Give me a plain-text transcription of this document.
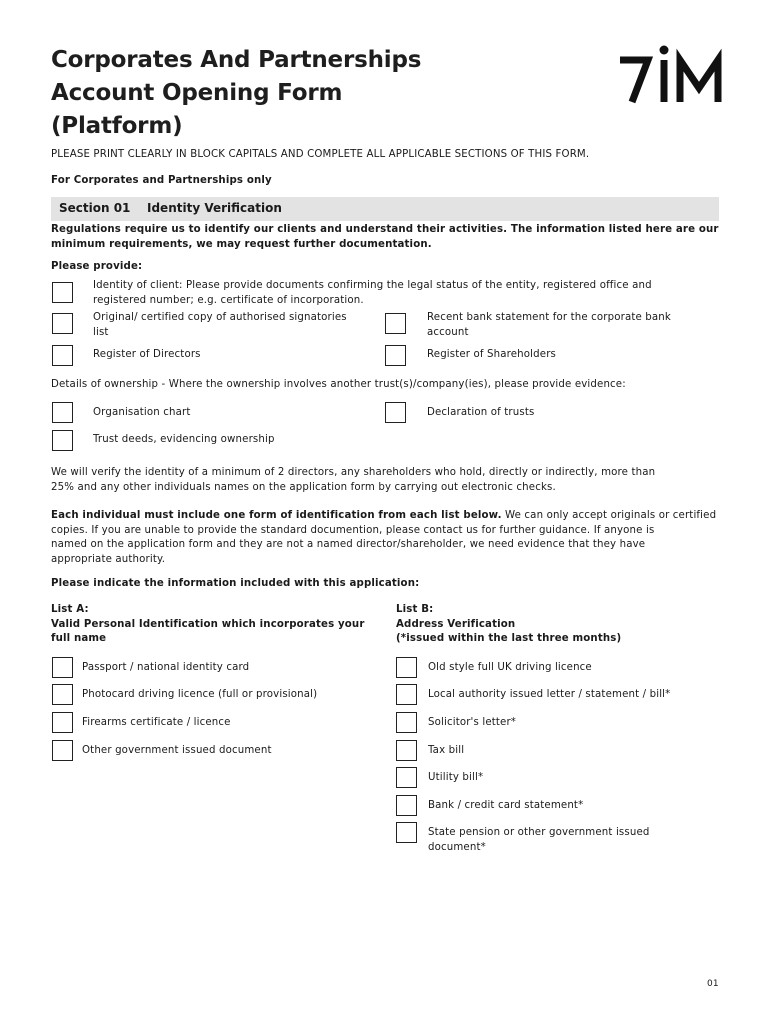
Corporates And Partnerships
Account Opening Form
(Platform)
PLEASE PRINT CLEARLY IN BLOCK CAPITALS AND COMPLETE ALL APPLICABLE SECTIONS OF THIS FORM.
For Corporates and Partnerships only
Section 01 Identity Verification
Regulations require us to identify our clients and understand their activities. The information listed here are our
minimum requirements, we may request further documentation.
Please provide:
Identity of client: Please provide documents confirming the legal status of the entity, registered office and
registered number; e.g. certificate of incorporation.
Original/ certified copy of authorised signatories
list
Recent bank statement for the corporate bank
account
Register of Directors	Register of Shareholders
Details of ownership - Where the ownership involves another trust(s)/company(ies), please provide evidence:
Organisation chart	Declaration of trusts
Trust deeds, evidencing ownership
We will verify the identity of a minimum of 2 directors, any shareholders who hold, directly or indirectly, more than
25% and any other individuals names on the application form by carrying out electronic checks.
Each individual must include one form of identification from each list below. We can only accept originals or certified
copies. If you are unable to provide the standard documention, please contact us for further guidance. If anyone is
named on the application form and they are not a named director/shareholder, we need evidence that they have
appropriate authority.
Please indicate the information included with this application:
List A:
Valid Personal Identification which incorporates your
full name
List B:
Address Verification
(*issued within the last three months)
Passport / national identity card
Photocard driving licence (full or provisional)
Firearms certificate / licence
Other government issued document
Old style full UK driving licence
Local authority issued letter / statement / bill*
Solicitor's letter*
Tax bill
Utility bill*
Bank / credit card statement*
State pension or other government issued
document*
01
